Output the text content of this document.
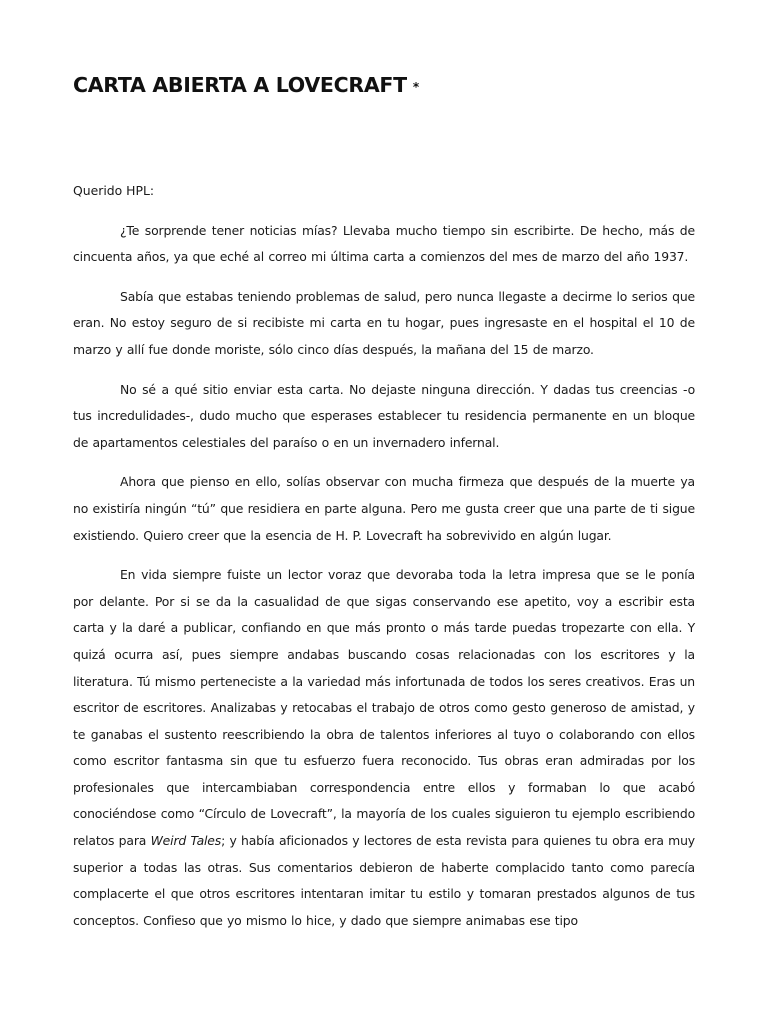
CARTA ABIERTA A LOVECRAFT *

Querido HPL:

¿Te sorprende tener noticias mías? Llevaba mucho tiempo sin escribirte. De hecho, más de cincuenta años, ya que eché al correo mi última carta a comienzos del mes de marzo del año 1937.

Sabía que estabas teniendo problemas de salud, pero nunca llegaste a decirme lo serios que eran. No estoy seguro de si recibiste mi carta en tu hogar, pues ingresaste en el hospital el 10 de marzo y allí fue donde moriste, sólo cinco días después, la mañana del 15 de marzo.

No sé a qué sitio enviar esta carta. No dejaste ninguna dirección. Y dadas tus creencias -o tus incredulidades-, dudo mucho que esperases establecer tu residencia permanente en un bloque de apartamentos celestiales del paraíso o en un invernadero infernal.

Ahora que pienso en ello, solías observar con mucha firmeza que después de la muerte ya no existiría ningún “tú” que residiera en parte alguna. Pero me gusta creer que una parte de ti sigue existiendo. Quiero creer que la esencia de H. P. Lovecraft ha sobrevivido en algún lugar.

En vida siempre fuiste un lector voraz que devoraba toda la letra impresa que se le ponía por delante. Por si se da la casualidad de que sigas conservando ese apetito, voy a escribir esta carta y la daré a publicar, confiando en que más pronto o más tarde puedas tropezarte con ella. Y quizá ocurra así, pues siempre andabas buscando cosas relacionadas con los escritores y la literatura. Tú mismo perteneciste a la variedad más infortunada de todos los seres creativos. Eras un escritor de escritores. Analizabas y retocabas el trabajo de otros como gesto generoso de amistad, y te ganabas el sustento reescribiendo la obra de talentos inferiores al tuyo o colaborando con ellos como escritor fantasma sin que tu esfuerzo fuera reconocido. Tus obras eran admiradas por los profesionales que intercambiaban correspondencia entre ellos y formaban lo que acabó conociéndose como “Círculo de Lovecraft”, la mayoría de los cuales siguieron tu ejemplo escribiendo relatos para Weird Tales; y había aficionados y lectores de esta revista para quienes tu obra era muy superior a todas las otras. Sus comentarios debieron de haberte complacido tanto como parecía complacerte el que otros escritores intentaran imitar tu estilo y tomaran prestados algunos de tus conceptos. Confieso que yo mismo lo hice, y dado que siempre animabas ese tipo
